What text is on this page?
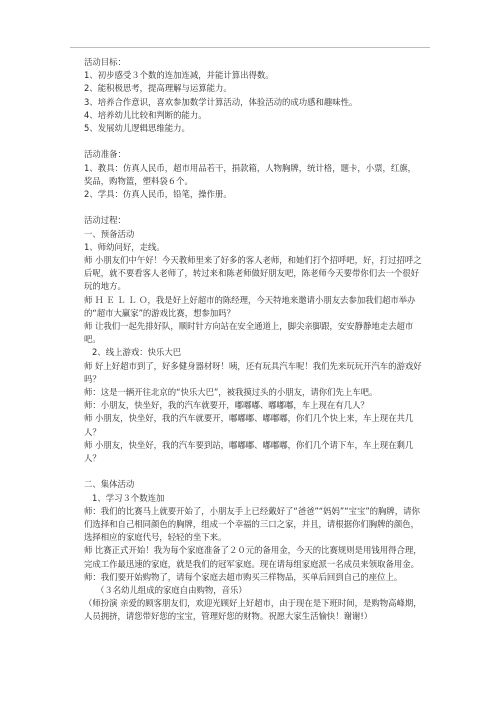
活动目标：

1、初步感受３个数的连加连减，并能计算出得数。

2、能积极思考，提高理解与运算能力。

3、培养合作意识，喜欢参加数学计算活动，体验活动的成功感和趣味性。

4、培养幼儿比较和判断的能力。

5、发展幼儿逻辑思维能力。

活动准备：

1、教具：仿真人民币，超市用品若干，捐款箱，人物胸牌，统计格，题卡，小票，红旗，奖品，购物篮，塑料袋６个。

2、学具：仿真人民币，铅笔，操作册。

活动过程：

一、预备活动

1、师幼问好，走线。

师 小朋友们中午好！今天教师里来了好多的客人老师，和她们打个招呼吧，好，打过招呼之后呢，就不要看客人老师了，转过来和陈老师做好朋友吧，陈老师今天要带你们去一个很好玩的地方。

师 Ｈ Ｅ Ｌ Ｌ Ｏ，我是好上好超市的陈经理，今天特地来邀请小朋友去参加我们超市举办的“超市大赢家”的游戏比赛，想参加吗？

师 让我们一起先排好队，顺时针方向站在安全通道上，脚尖亲脚跟，安安静静地走去超市吧。

2、线上游戏：快乐大巴

师 好上好超市到了，好多健身器材呀！咦，还有玩具汽车呢！我们先来玩玩开汽车的游戏好吗？

师：这是一辆开往北京的“快乐大巴”，被我摸过头的小朋友，请你们先上车吧。

师：小朋友，快坐好，我的汽车就要开，嘟嘟嘟、嘟嘟嘟，车上现在有几人？

师 小朋友，快坐好，我的汽车就要开，嘟嘟嘟、嘟嘟嘟，你们几个快上来，车上现在共几人？

师 小朋友，快坐好，我的汽车要到站，嘟嘟嘟、嘟嘟嘟，你们几个请下车，车上现在剩几人？

二、集体活动

1、学习３个数连加

师：我们的比赛马上就要开始了，小朋友手上已经戴好了“爸爸”“妈妈”“宝宝”的胸牌，请你们选择和自己相同颜色的胸牌，组成一个幸福的三口之家，并且，请根据你们胸牌的颜色，选择相应的家庭代号，轻轻的坐下来。

师 比赛正式开始！我为每个家庭准备了２０元的备用金，今天的比赛规则是用钱用得合理，完成工作最迅速的家庭，就是我们的冠军家庭。现在请每组家庭派一名成员来领取备用金。

师：我们要开始购物了，请每个家庭去超市购买三样物品，买单后回到自己的座位上。

（３名幼儿组成的家庭自由购物，音乐）

（师扮演 亲爱的顾客朋友们，欢迎光顾好上好超市，由于现在是下班时间，是购物高峰期，人员拥挤，请您带好您的宝宝，管理好您的财物。祝愿大家生活愉快！谢谢!）
